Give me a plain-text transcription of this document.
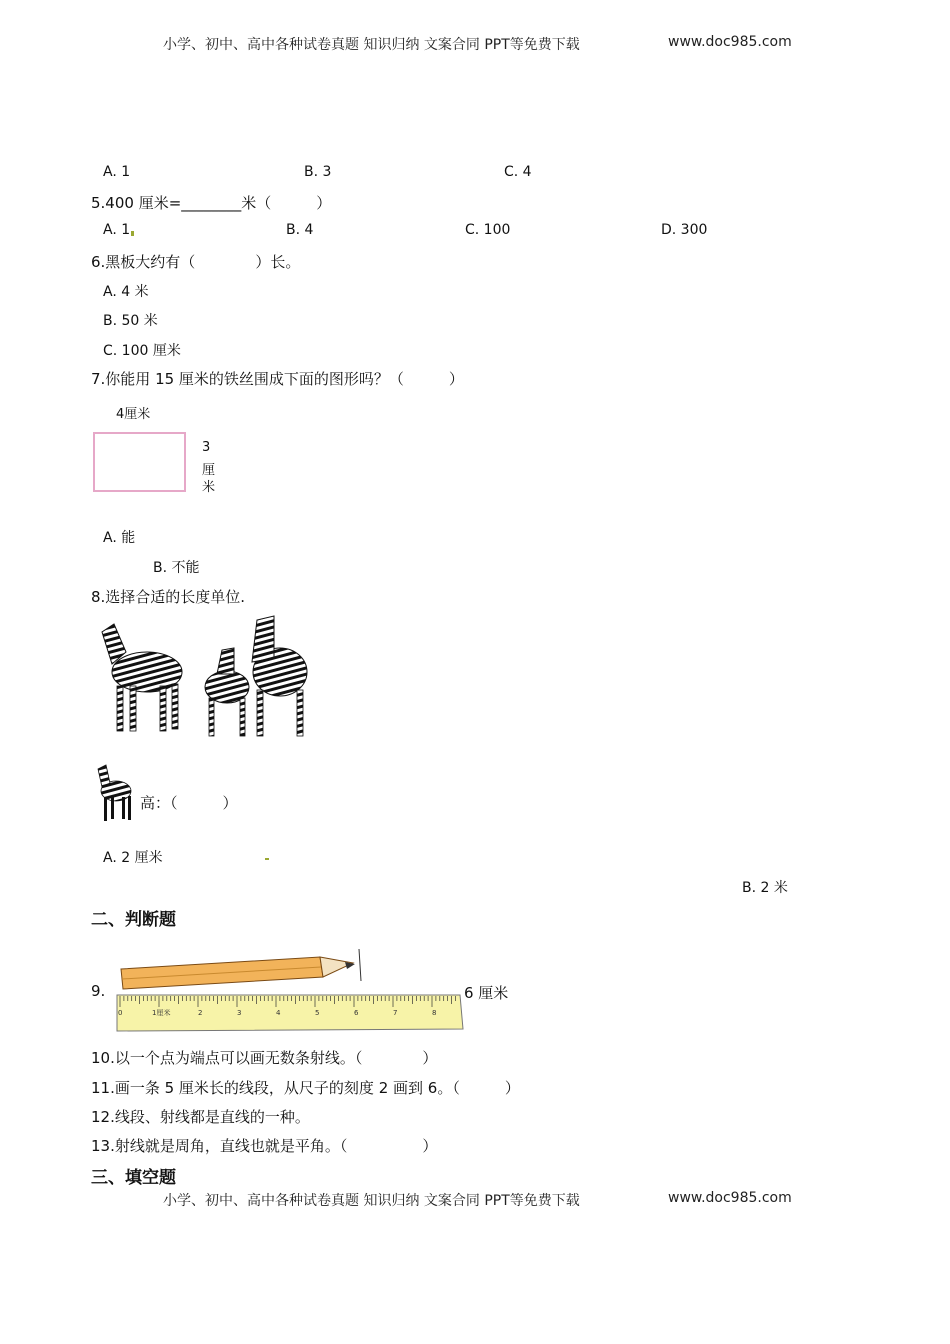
小学、初中、高中各种试卷真题 知识归纳 文案合同 PPT等免费下载	www.doc985.com
A. 1	B. 3	C. 4
5.400 厘米=________米（　　　）
A. 1	B. 4	C. 100	D. 300
6.黑板大约有（　　　　）长。
A. 4 米
B. 50 米
C. 100 厘米
7.你能用 15 厘米的铁丝围成下面的图形吗？（　　　）
4厘米
3
厘
米
A. 能
B. 不能
8.选择合适的长度单位.
高：（　　　）
A. 2 厘米
B. 2 米
二、判断题
9.
1厘米
0	2	3	4	5	6	7	8
6 厘米
10.以一个点为端点可以画无数条射线。（　　　　）
11.画一条 5 厘米长的线段，从尺子的刻度 2 画到 6。（　　　）
12.线段、射线都是直线的一种。
13.射线就是周角，直线也就是平角。（　　　　　）
三、填空题
小学、初中、高中各种试卷真题 知识归纳 文案合同 PPT等免费下载	www.doc985.com
